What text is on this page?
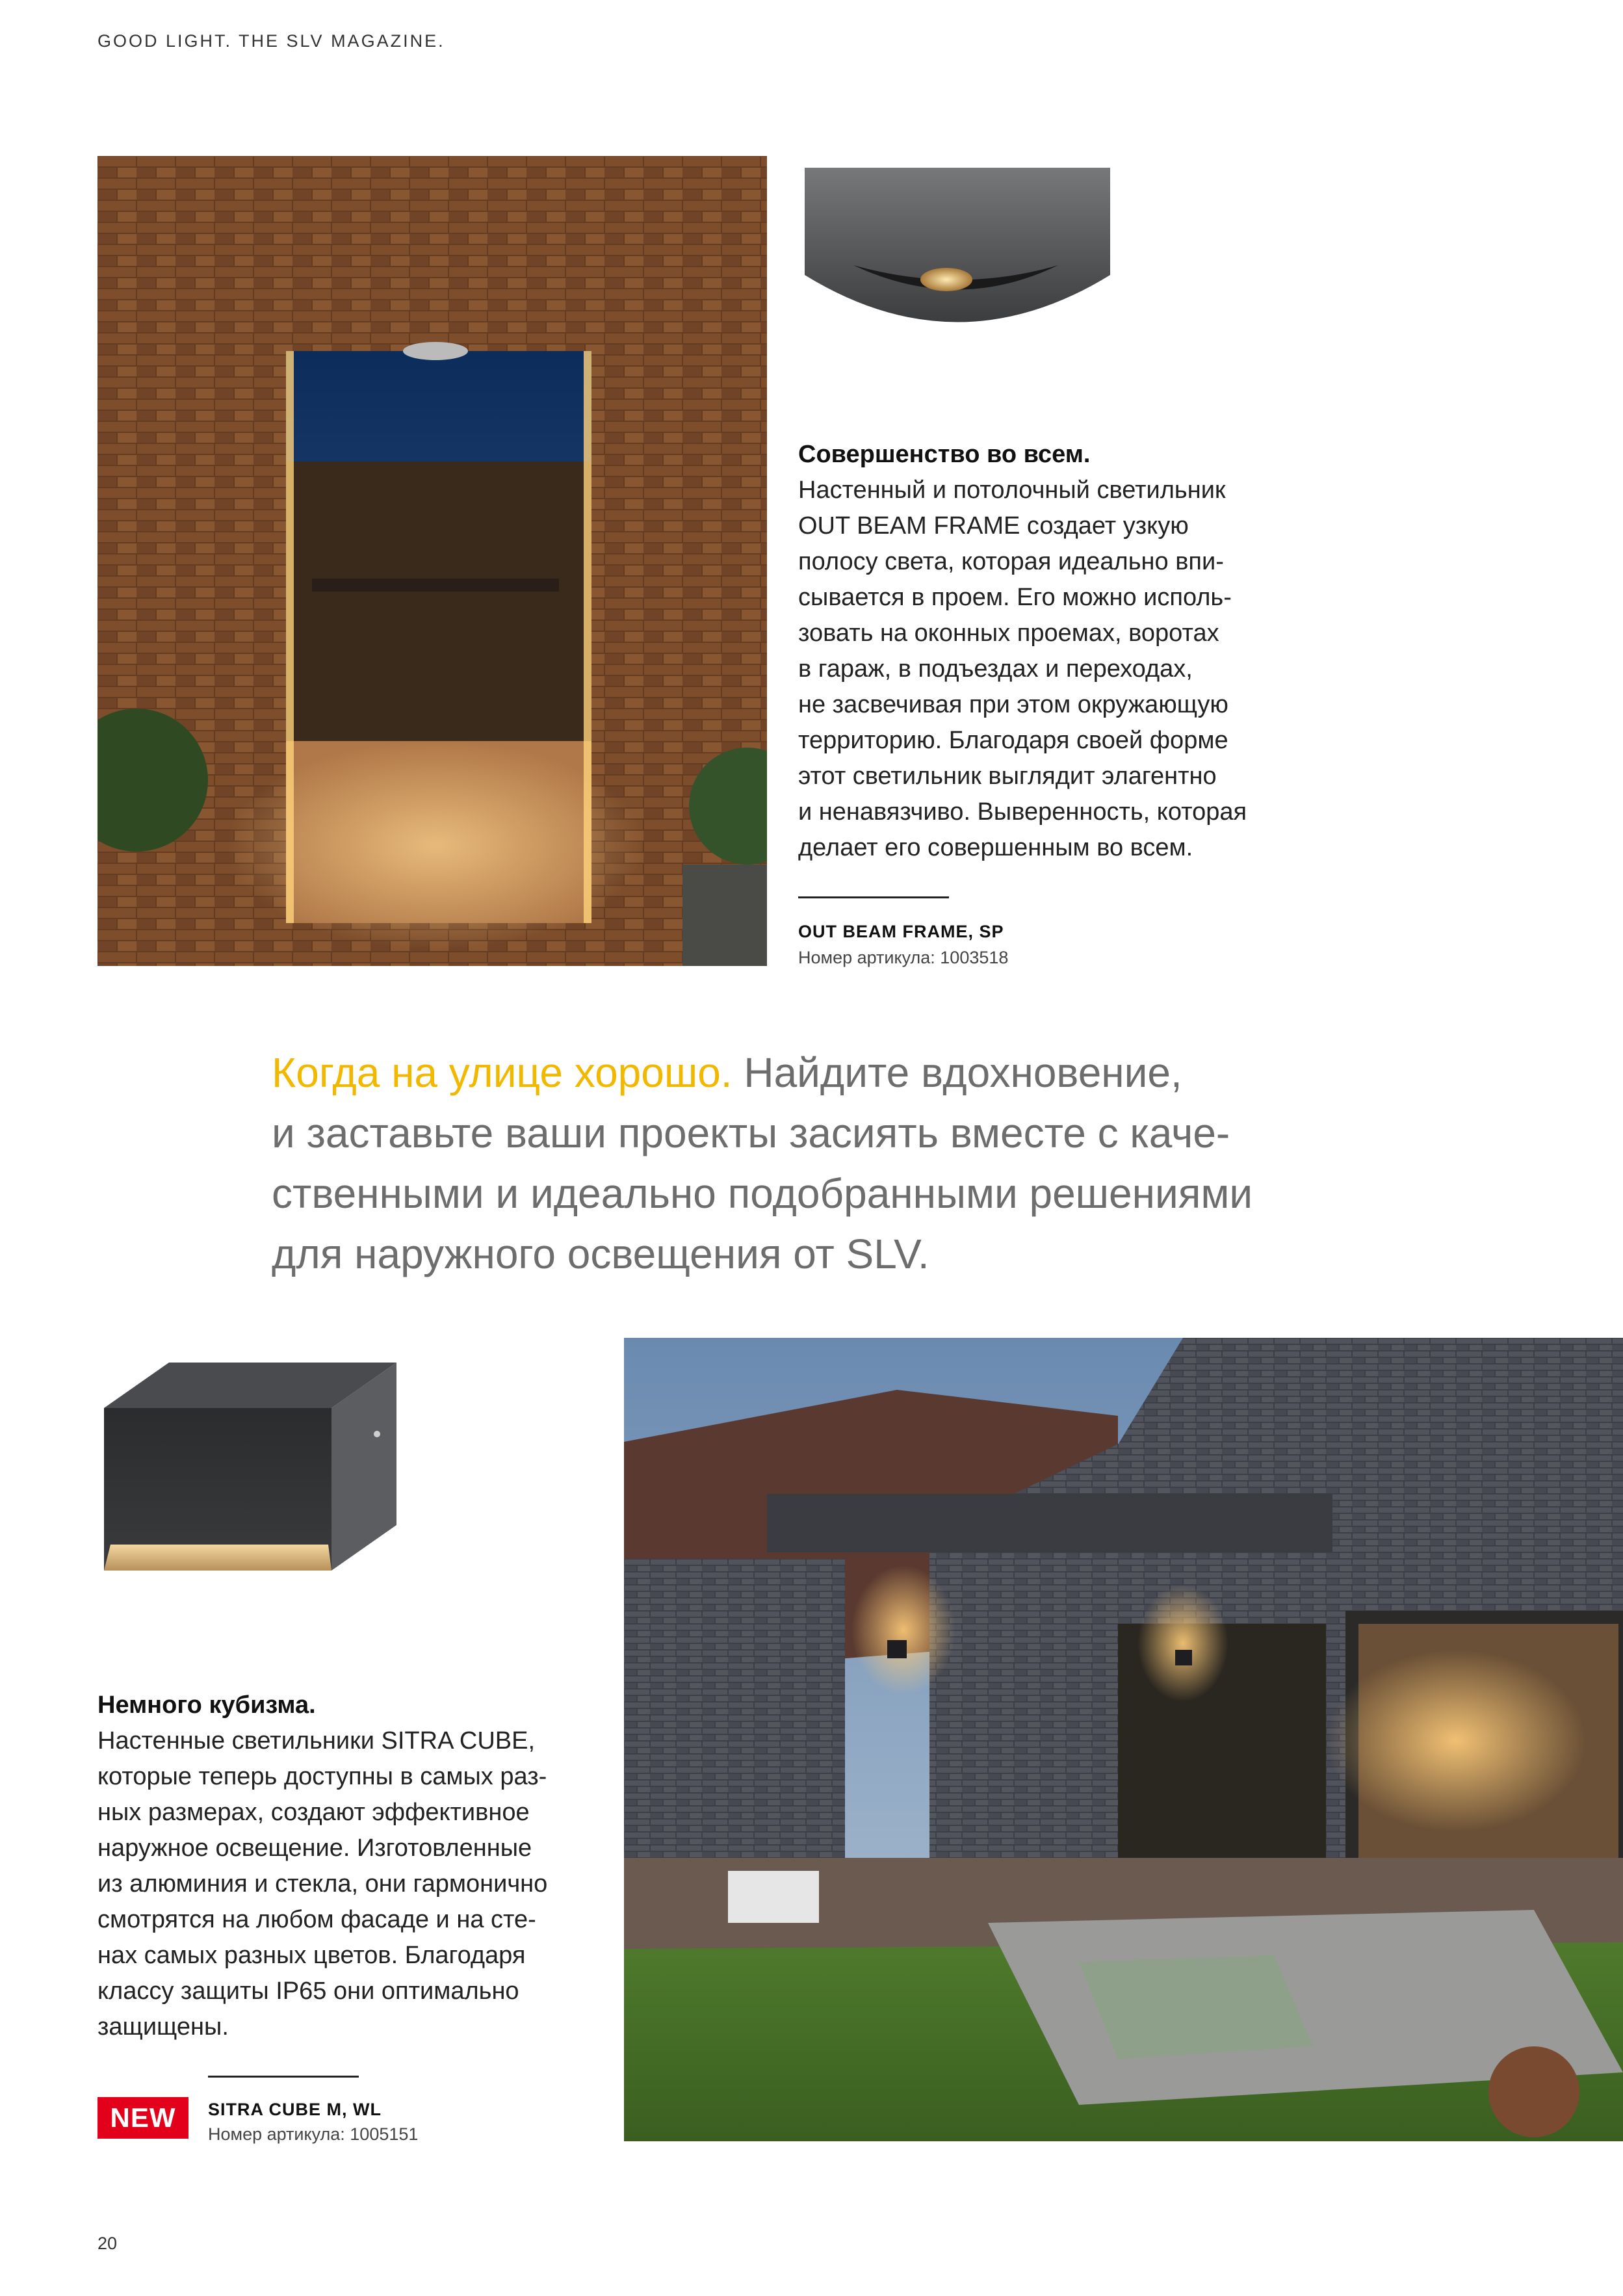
GOOD LIGHT. THE SLV MAGAZINE.
Совершенство во всем.
Настенный и потолочный светильник
OUT BEAM FRAME создает узкую
полосу света, которая идеально впи-
сывается в проем. Его можно исполь-
зовать на оконных проемах, воротах
в гараж, в подъездах и переходах,
не засвечивая при этом окружающую
территорию. Благодаря своей форме
этот светильник выглядит элагентно
и ненавязчиво. Выверенность, которая
делает его совершенным во всем.
OUT BEAM FRAME, SP
Номер артикула: 1003518
Когда на улице хорошо. Найдите вдохновение,
и заставьте ваши проекты засиять вместе с каче-
ственными и идеально подобранными решениями
для наружного освещения от SLV.
Немного кубизма.
Настенные светильники SITRA CUBE,
которые теперь доступны в самых раз-
ных размерах, создают эффективное
наружное освещение. Изготовленные
из алюминия и стекла, они гармонично
смотрятся на любом фасаде и на сте-
нах самых разных цветов. Благодаря
классу защиты IP65 они оптимально
защищены.
NEW	SITRA CUBE M, WL
Номер артикула: 1005151
20
